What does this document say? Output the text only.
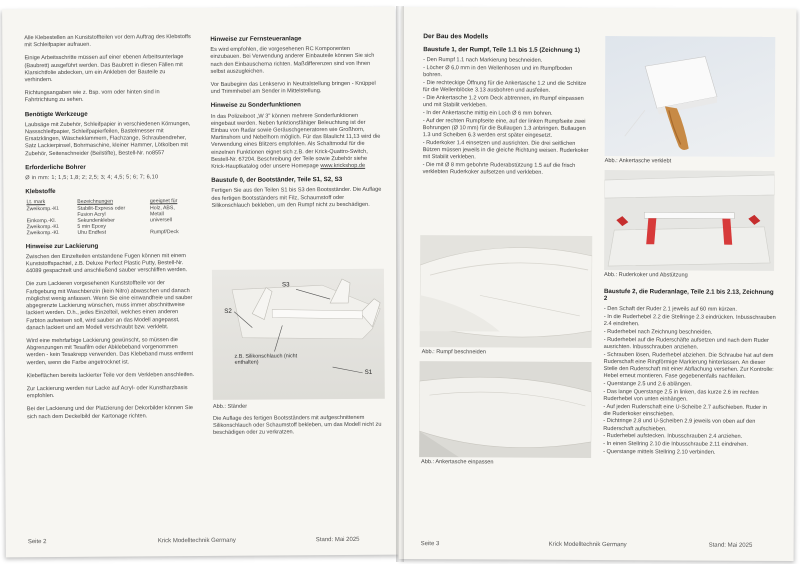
Alle Klebestellen an Kunststoffteilen vor dem Auftrag des Klebstoffs mit Schleifpapier aufrauen.

Einige Arbeitsschritte müssen auf einer ebenen Arbeitsunterlage (Baubrett) ausgeführt werden. Das Baubrett in diesen Fällen mit Klarsichtfolie abdecken, um ein Ankleben der Bauteile zu verhindern.

Richtungsangaben wie z. Bsp. vorn oder hinten sind in Fahrtrichtung zu sehen.

Benötigte Werkzeuge

Laubsäge mit Zubehör, Schleifpapier in verschiedenen Körnungen, Nassschleifpapier, Schleifpapierfeilen, Bastelmesser mit Ersatzklingen, Wäscheklammern, Flachzange, Schraubendreher, Satz Lackierpinsel, Bohrmaschine, kleiner Hammer, Lötkolben mit Zubehör, Seitenschneider (Beilstifte), Bestell-Nr. no8557

Erforderliche Bohrer

Ø in mm: 1; 1,5; 1,8; 2; 2,5; 3; 4; 4,5; 5; 6; 7; 6,10

Klebstoffe
Lt. mark	Bezeichnungen	geeignet für
Zweikomp.-Kl.	Stabilit-Express oder	Holz, ABS,
	Fusion Acryl	Metall
Einkomp.-Kl.	Sekundenkleber	universell
Zweikomp.-Kl.	5 min Epoxy	
Zweikomp.-Kl.	Uhu Endfest	Rumpf/Deck
Hinweise zur Lackierung

Zwischen den Einzelteilen entstandene Fugen können mit einem Kunststoffspachtel, z.B. Deluxe Perfect Plastic Putty, Bestell-Nr. 44089 gespachtelt und anschließend sauber verschliffen werden.

Die zum Lackieren vorgesehenen Kunststoffteile vor der Farbgebung mit Waschbenzin (kein Nitro) abwaschen und danach möglichst wenig anfassen. Wenn Sie eine einwandfreie und sauber abgegrenzte Lackierung wünschen, muss immer abschnittweise lackiert werden. D.h., jedes Einzelteil, welches einen anderen Farbton aufweisen soll, wird sauber an das Modell angepasst, danach lackiert und am Modell verschraubt bzw. verklebt.

Wird eine mehrfarbige Lackierung gewünscht, so müssen die Abgrenzungen mit Tesafilm oder Abklebeband vorgenommen werden - kein Tesakrepp verwenden. Das Klebeband muss entfernt werden, wenn die Farbe angetrocknet ist.

Klebeflächen bereits lackierter Teile vor dem Verkleben anschleifen.

Zur Lackierung werden nur Lacke auf Acryl- oder Kunstharzbasis empfohlen.

Bei der Lackierung und der Platzierung der Dekorbilder können Sie sich nach dem Deckelbild der Kartonage richten.

Hinweise zur Fernsteueranlage

Es wird empfohlen, die vorgesehenen RC Komponenten einzubauen. Bei Verwendung anderer Einbauteile können Sie sich nach den Einbauschema richten. Maßdifferenzen sind von Ihnen selbst auszugleichen.

Vor Baubeginn das Lenkservo in Neutralstellung bringen - Knüppel und Trimmhebel am Sender in Mittelstellung.

Hinweise zu Sonderfunktionen

In das Polizeiboot „W 3" können mehrere Sonderfunktionen eingebaut werden. Neben funktionsfähiger Beleuchtung ist der Einbau von Radar sowie Geräuschgeneratoren wie Großhorn, Martinshorn und Nebelhorn möglich. Für das Blaulicht 11,13 wird die Verwendung eines Blitzers empfohlen. Als Schaltmodul für die einzelnen Funktionen eignet sich z.B. der Krick-Quattro-Switch, Bestell-Nr. 67204. Beschreibung der Teile sowie Zubehör siehe Krick-Hauptkatalog oder unsere Homepage www.krickshop.de

Baustufe 0, der Bootständer, Teile S1, S2, S3

Fertigen Sie aus den Teilen S1 bis S3 den Bootsständer. Die Auflage des fertigen Bootsständers mit Filz, Schaumstoff oder Silikonschlauch bekleben, um den Rumpf nicht zu beschädigen.

S2
S3
S1
z.B. Silikonschlauch (nicht enthalten)
Abb.: Ständer

Die Auflage des fertigen Bootsständers mit aufgeschnittenem Silikonschlauch oder Schaumstoff bekleben, um das Modell nicht zu beschädigen oder zu verkratzen.

Seite 2	Krick Modelltechnik Germany	Stand: Mai 2025
Der Bau des Modells
Baustufe 1, der Rumpf, Teile 1.1 bis 1.5 (Zeichnung 1)
- Den Rumpf 1.1 nach Markierung beschneiden.
- Löcher Ø 6,0 mm in den Wellenhosen und im Rumpfboden bohren.
- Die rechteckige Öffnung für die Ankertasche 1.2 und die Schlitze für die Wellenblöcke 3.13 ausbohren und ausfeilen.
- Die Ankertasche 1.2 vom Deck abtrennen, im Rumpf einpassen und mit Stabilit verkleben.
- In der Ankertasche mittig ein Loch Ø 6 mm bohren.
- Auf der rechten Rumpfseite eine, auf der linken Rumpfseite zwei Bohrungen (Ø 10 mm) für die Bullaugen 1.3 anbringen. Bullaugen 1.3 und Scheiben 6.3 werden erst später eingesetzt.
- Ruderkoker 1.4 einsetzen und ausrichten. Die drei seitlichen Bützen müssen jeweils in die gleiche Richtung weisen. Ruderkoker mit Stabilit verkleben.
- Die mit Ø 8 mm gebohrte Ruderabstützung 1.5 auf die frisch verklebten Ruderkoker aufsetzen und verkleben.
Abb.: Rumpf beschneiden
Abb.: Ankertasche einpassen
Abb.: Ankertasche verklebt
Abb.: Ruderkoker und Abstützung
Baustufe 2, die Ruderanlage, Teile 2.1 bis 2.13, Zeichnung 2
- Den Schaft der Ruder 2.1 jeweils auf 60 mm kürzen.
- In die Ruderhebel 2.2 die Stellringe 2.3 eindrücken. Inbusschrauben 2.4 eindrehen.
- Ruderhebel nach Zeichnung beschneiden.
- Ruderhebel auf die Ruderschäfte aufsetzen und nach dem Ruder ausrichten. Inbusschrauben anziehen.
- Schrauben lösen, Ruderhebel abziehen. Die Schraube hat auf dem Ruderschaft eine Ringförmige Markierung hinterlassen. An dieser Stelle den Ruderschaft mit einer Abflachung versehen. Zur Kontrolle: Hebel erneut montieren. Fase gegebenenfalls nachfeilen.
- Querstange 2.5 und 2.6 ablängen.
- Das lange Querstange 2.5 in linken, das kurze 2.6 im rechten Ruderhebel von unten einhängen.
- Auf jeden Ruderschaft eine U-Scheibe 2.7 aufschieben. Ruder in die Ruderkoker einschieben.
- Dichtringe 2.8 und U-Scheiben 2.9 jeweils von oben auf den Ruderschaft aufschieben.
- Ruderhebel aufstecken. Inbusschrauben 2.4 anziehen.
- In einen Stellring 2.10 die Inbusschraube 2.11 eindrehen.
- Querstange mittels Stellring 2.10 verbinden.
Seite 3	Krick Modelltechnik Germany	Stand: Mai 2025
